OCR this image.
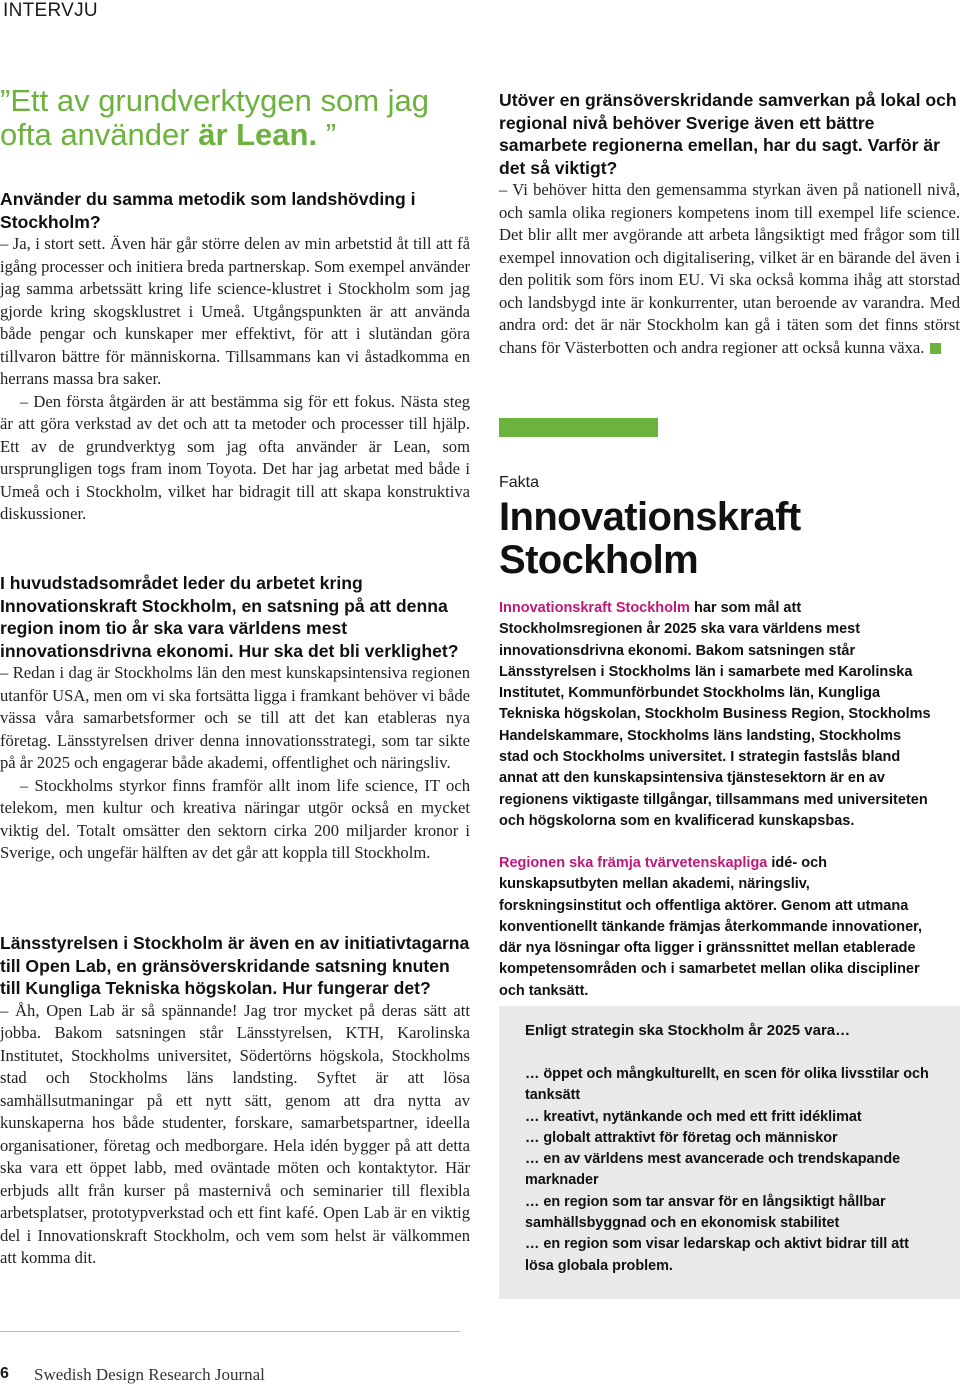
INTERVJU
”Ett av grundverktygen som jag ofta använder är Lean. ”
Använder du samma metodik som landshövding i Stockholm?
– Ja, i stort sett. Även här går större delen av min arbetstid åt till att få igång processer och initiera breda partnerskap. Som exempel använder jag samma arbetssätt kring life science-klustret i Stockholm som jag gjorde kring skogsklustret i Umeå. Utgångspunkten är att använda både pengar och kunskaper mer effektivt, för att i slutändan göra tillvaron bättre för människorna. Tillsammans kan vi åstadkomma en herrans massa bra saker.
– Den första åtgärden är att bestämma sig för ett fokus. Nästa steg är att göra verkstad av det och att ta metoder och processer till hjälp. Ett av de grundverktyg som jag ofta använder är Lean, som ursprungligen togs fram inom Toyota. Det har jag arbetat med både i Umeå och i Stockholm, vilket har bidragit till att skapa konstruktiva diskussioner.
I huvudstadsområdet leder du arbetet kring Innovationskraft Stockholm, en satsning på att denna region inom tio år ska vara världens mest innovationsdrivna ekonomi. Hur ska det bli verklighet?
– Redan i dag är Stockholms län den mest kunskapsintensiva regionen utanför USA, men om vi ska fortsätta ligga i framkant behöver vi både vässa våra samarbetsformer och se till att det kan etableras nya företag. Länsstyrelsen driver denna innovationsstrategi, som tar sikte på år 2025 och engagerar både akademi, offentlighet och näringsliv.
– Stockholms styrkor finns framför allt inom life science, IT och telekom, men kultur och kreativa näringar utgör också en mycket viktig del. Totalt omsätter den sektorn cirka 200 miljarder kronor i Sverige, och ungefär hälften av det går att koppla till Stockholm.
Länsstyrelsen i Stockholm är även en av initiativtagarna till Open Lab, en gränsöverskridande satsning knuten till Kungliga Tekniska högskolan. Hur fungerar det?
– Åh, Open Lab är så spännande! Jag tror mycket på deras sätt att jobba. Bakom satsningen står Länsstyrelsen, KTH, Karolinska Institutet, Stockholms universitet, Södertörns högskola, Stockholms stad och Stockholms läns landsting. Syftet är att lösa samhällsutmaningar på ett nytt sätt, genom att dra nytta av kunskaperna hos både studenter, forskare, samarbetspartner, ideella organisationer, företag och medborgare. Hela idén bygger på att detta ska vara ett öppet labb, med oväntade möten och kontaktytor. Här erbjuds allt från kurser på masternivå och seminarier till flexibla arbetsplatser, prototypverkstad och ett fint kafé. Open Lab är en viktig del i Innovationskraft Stockholm, och vem som helst är välkommen att komma dit.
Utöver en gränsöverskridande samverkan på lokal och regional nivå behöver Sverige även ett bättre samarbete regionerna emellan, har du sagt. Varför är det så viktigt?
– Vi behöver hitta den gemensamma styrkan även på nationell nivå, och samla olika regioners kompetens inom till exempel life science. Det blir allt mer avgörande att arbeta långsiktigt med frågor som till exempel innovation och digitalisering, vilket är en bärande del även i den politik som förs inom EU. Vi ska också komma ihåg att storstad och landsbygd inte är konkurrenter, utan beroende av varandra. Med andra ord: det är när Stockholm kan gå i täten som det finns störst chans för Västerbotten och andra regioner att också kunna växa.
Fakta
Innovationskraft
Stockholm
Innovationskraft Stockholm har som mål att Stockholmsregionen år 2025 ska vara världens mest innovationsdrivna ekonomi. Bakom satsningen står Länsstyrelsen i Stockholms län i samarbete med Karolinska Institutet, Kommunförbundet Stockholms län, Kungliga Tekniska högskolan, Stockholm Business Region, Stockholms Handelskammare, Stockholms läns landsting, Stockholms stad och Stockholms universitet. I strategin fastslås bland annat att den kunskapsintensiva tjänstesektorn är en av regionens viktigaste tillgångar, tillsammans med universiteten och högskolorna som en kvalificerad kunskapsbas.
Regionen ska främja tvärvetenskapliga idé- och kunskapsutbyten mellan akademi, näringsliv, forskningsinstitut och offentliga aktörer. Genom att utmana konventionellt tänkande främjas återkommande innovationer, där nya lösningar ofta ligger i gränssnittet mellan etablerade kompetensområden och i samarbetet mellan olika discipliner och tanksätt.
Enligt strategin ska Stockholm år 2025 vara…
… öppet och mångkulturellt, en scen för olika livsstilar och tanksätt
… kreativt, nytänkande och med ett fritt idéklimat
… globalt attraktivt för företag och människor
… en av världens mest avancerade och trendskapande marknader
… en region som tar ansvar för en långsiktigt hållbar samhällsbyggnad och en ekonomisk stabilitet
… en region som visar ledarskap och aktivt bidrar till att lösa globala problem.
6 Swedish Design Research Journal
